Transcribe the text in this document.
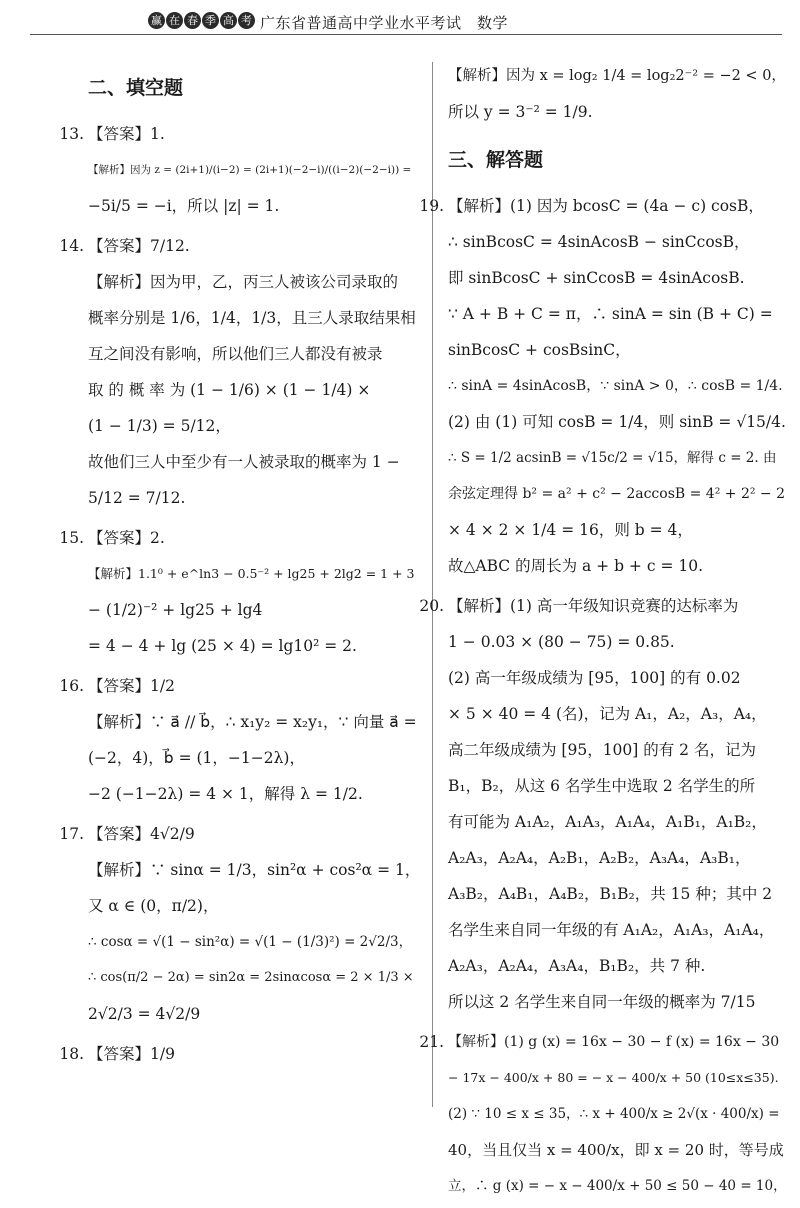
赢 在 春 季 高 考 广东省普通高中学业水平考试　数学
二、填空题
13. 【答案】1.
【解析】因为 z = (2i+1)/(i−2) = (2i+1)(−2−i)/((i−2)(−2−i)) =
−5i/5 = −i，所以 |z| = 1.
14. 【答案】7/12.
【解析】因为甲，乙，丙三人被该公司录取的
概率分别是 1/6，1/4，1/3，且三人录取结果相
互之间没有影响，所以他们三人都没有被录
取 的 概 率 为 (1 − 1/6) × (1 − 1/4) ×
(1 − 1/3) = 5/12，
故他们三人中至少有一人被录取的概率为 1 −
5/12 = 7/12.
15. 【答案】2.
【解析】1.1⁰ + e^ln3 − 0.5⁻² + lg25 + 2lg2 = 1 + 3
− (1/2)⁻² + lg25 + lg4
= 4 − 4 + lg (25 × 4) = lg10² = 2.
16. 【答案】1/2
【解析】∵ a⃗ // b⃗，∴ x₁y₂ = x₂y₁，∵ 向量 a⃗ =
(−2，4)，b⃗ = (1，−1−2λ)，
−2 (−1−2λ) = 4 × 1，解得 λ = 1/2.
17. 【答案】4√2/9
【解析】∵ sinα = 1/3，sin²α + cos²α = 1，
又 α ∈ (0，π/2)，
∴ cosα = √(1 − sin²α) = √(1 − (1/3)²) = 2√2/3，
∴ cos(π/2 − 2α) = sin2α = 2sinαcosα = 2 × 1/3 ×
2√2/3 = 4√2/9
18. 【答案】1/9
【解析】因为 x = log₂ 1/4 = log₂2⁻² = −2 < 0，
所以 y = 3⁻² = 1/9.
三、解答题
19. 【解析】(1) 因为 bcosC = (4a − c) cosB，
∴ sinBcosC = 4sinAcosB − sinCcosB，
即 sinBcosC + sinCcosB = 4sinAcosB.
∵ A + B + C = π，∴ sinA = sin (B + C) =
sinBcosC + cosBsinC，
∴ sinA = 4sinAcosB，∵ sinA > 0，∴ cosB = 1/4.
(2) 由 (1) 可知 cosB = 1/4，则 sinB = √15/4.
∴ S = 1/2 acsinB = √15c/2 = √15，解得 c = 2. 由
余弦定理得 b² = a² + c² − 2accosB = 4² + 2² − 2
× 4 × 2 × 1/4 = 16，则 b = 4，
故△ABC 的周长为 a + b + c = 10.
20. 【解析】(1) 高一年级知识竞赛的达标率为
1 − 0.03 × (80 − 75) = 0.85.
(2) 高一年级成绩为 [95，100] 的有 0.02
× 5 × 40 = 4 (名)，记为 A₁，A₂，A₃，A₄，
高二年级成绩为 [95，100] 的有 2 名，记为
B₁，B₂，从这 6 名学生中选取 2 名学生的所
有可能为 A₁A₂，A₁A₃，A₁A₄，A₁B₁，A₁B₂，
A₂A₃，A₂A₄，A₂B₁，A₂B₂，A₃A₄，A₃B₁，
A₃B₂，A₄B₁，A₄B₂，B₁B₂，共 15 种；其中 2
名学生来自同一年级的有 A₁A₂，A₁A₃，A₁A₄，
A₂A₃，A₂A₄，A₃A₄，B₁B₂，共 7 种.
所以这 2 名学生来自同一年级的概率为 7/15
21. 【解析】(1) g (x) = 16x − 30 − f (x) = 16x − 30
− 17x − 400/x + 80 = − x − 400/x + 50 (10≤x≤35).
(2) ∵ 10 ≤ x ≤ 35，∴ x + 400/x ≥ 2√(x · 400/x) =
40，当且仅当 x = 400/x，即 x = 20 时，等号成
立，∴ g (x) = − x − 400/x + 50 ≤ 50 − 40 = 10，
